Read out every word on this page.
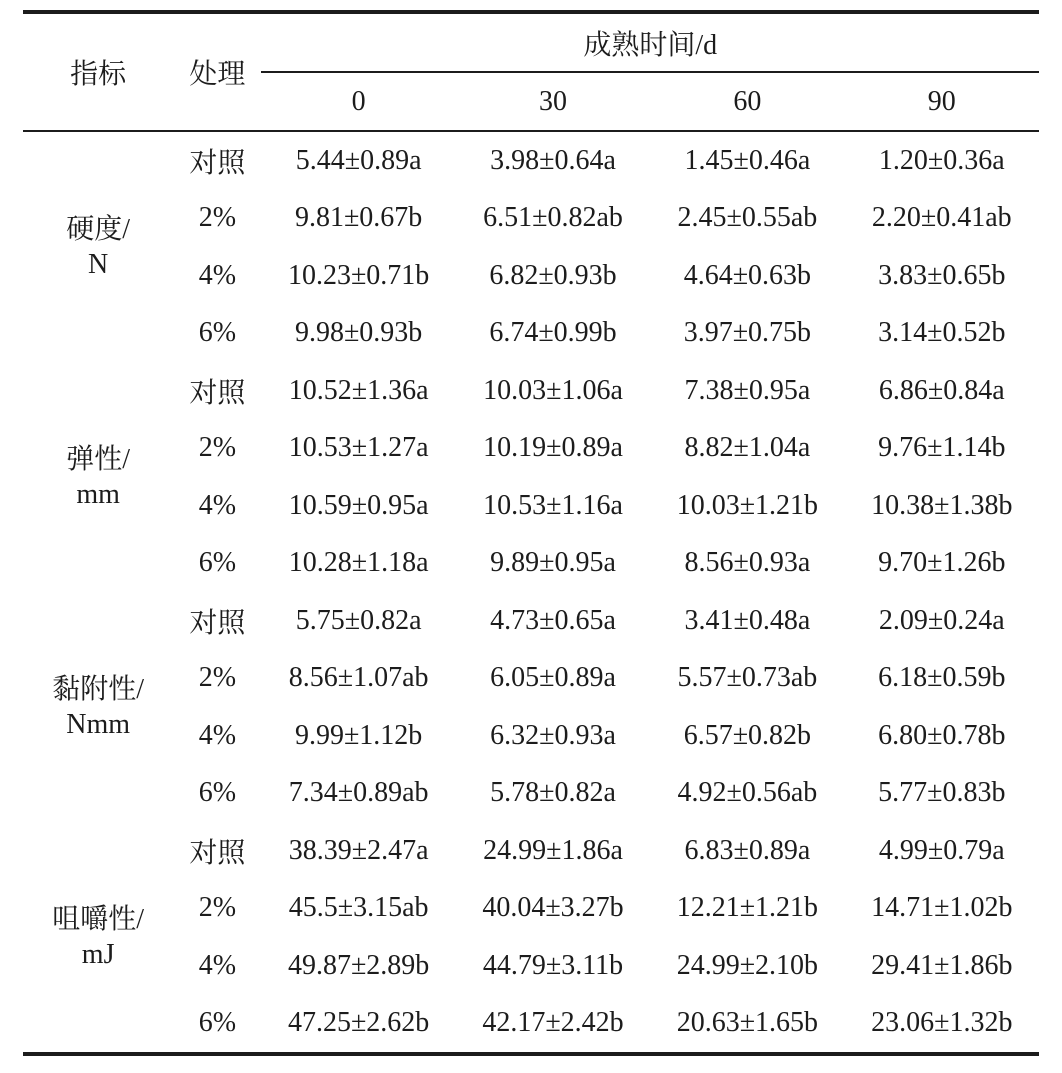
指标	处理	成熟时间/d			
		0	30	60	90
硬度/
N	对照	5.44±0.89a	3.98±0.64a	1.45±0.46a	1.20±0.36a
	2%	9.81±0.67b	6.51±0.82ab	2.45±0.55ab	2.20±0.41ab
	4%	10.23±0.71b	6.82±0.93b	4.64±0.63b	3.83±0.65b
	6%	9.98±0.93b	6.74±0.99b	3.97±0.75b	3.14±0.52b
弹性/
mm	对照	10.52±1.36a	10.03±1.06a	7.38±0.95a	6.86±0.84a
	2%	10.53±1.27a	10.19±0.89a	8.82±1.04a	9.76±1.14b
	4%	10.59±0.95a	10.53±1.16a	10.03±1.21b	10.38±1.38b
	6%	10.28±1.18a	9.89±0.95a	8.56±0.93a	9.70±1.26b
黏附性/
Nmm	对照	5.75±0.82a	4.73±0.65a	3.41±0.48a	2.09±0.24a
	2%	8.56±1.07ab	6.05±0.89a	5.57±0.73ab	6.18±0.59b
	4%	9.99±1.12b	6.32±0.93a	6.57±0.82b	6.80±0.78b
	6%	7.34±0.89ab	5.78±0.82a	4.92±0.56ab	5.77±0.83b
咀嚼性/
mJ	对照	38.39±2.47a	24.99±1.86a	6.83±0.89a	4.99±0.79a
	2%	45.5±3.15ab	40.04±3.27b	12.21±1.21b	14.71±1.02b
	4%	49.87±2.89b	44.79±3.11b	24.99±2.10b	29.41±1.86b
	6%	47.25±2.62b	42.17±2.42b	20.63±1.65b	23.06±1.32b
